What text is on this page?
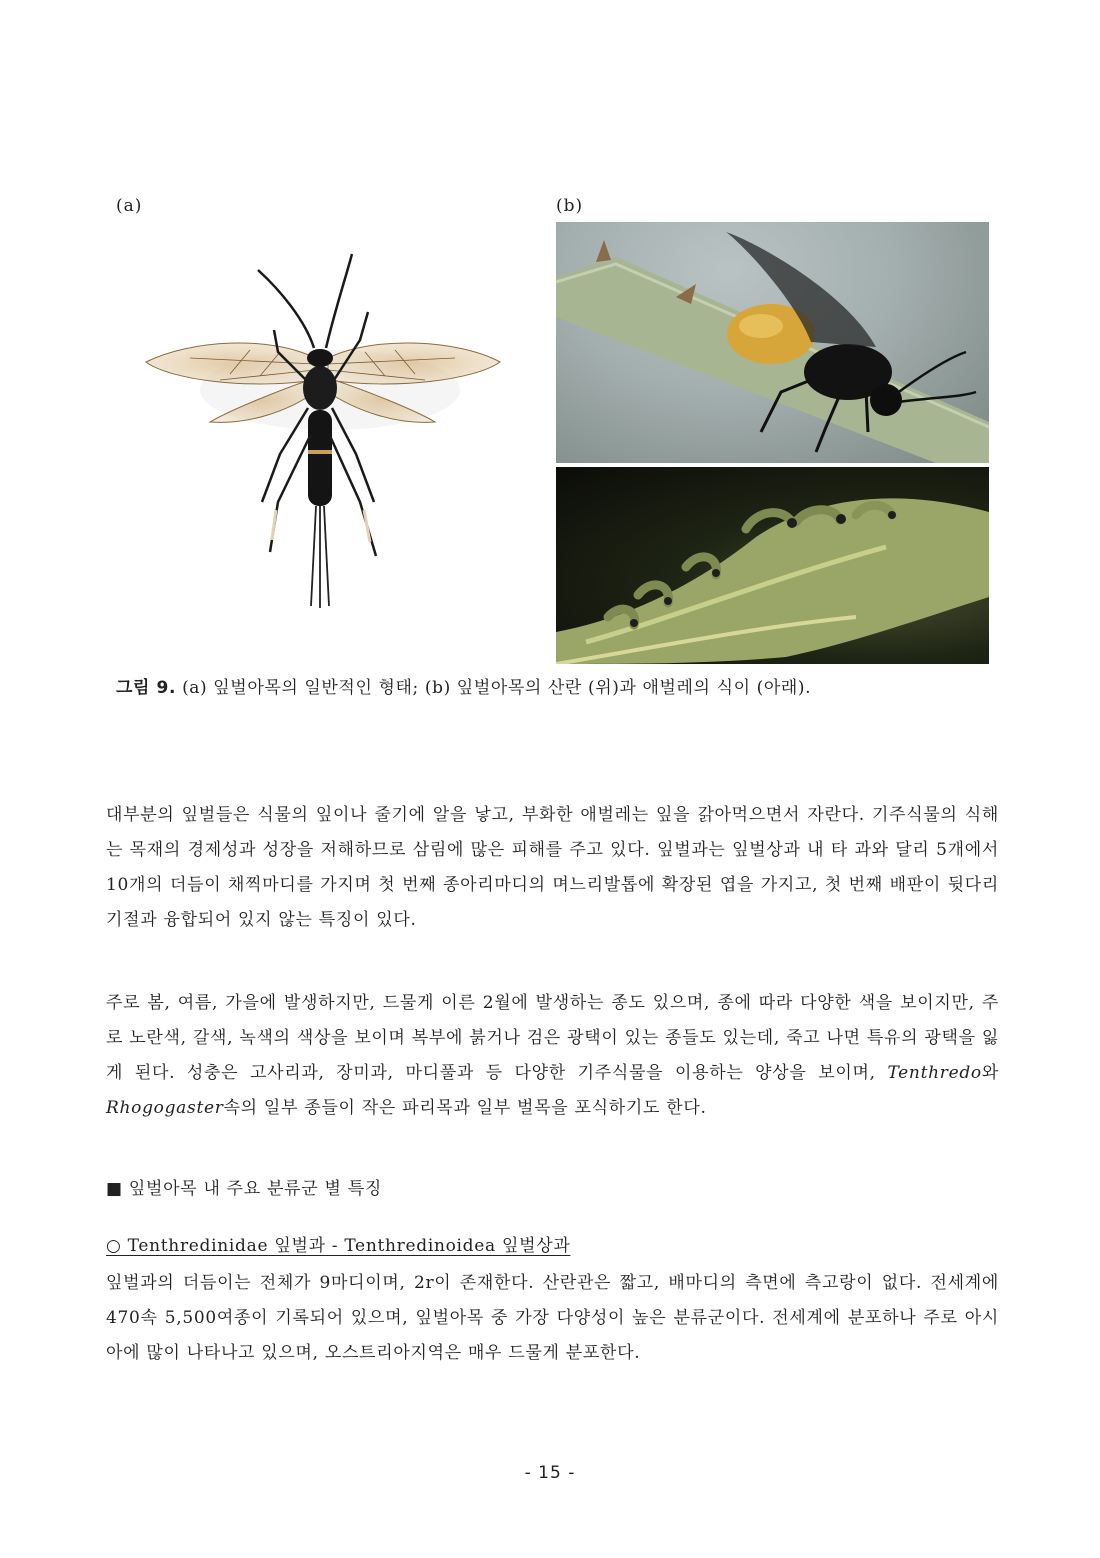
(a)	(b)
그림 9. (a) 잎벌아목의 일반적인 형태; (b) 잎벌아목의 산란 (위)과 애벌레의 식이 (아래).

대부분의 잎벌들은 식물의 잎이나 줄기에 알을 낳고, 부화한 애벌레는 잎을 갉아먹으면서 자란다. 기주식물의 식해는 목재의 경제성과 성장을 저해하므로 삼림에 많은 피해를 주고 있다. 잎벌과는 잎벌상과 내 타 과와 달리 5개에서 10개의 더듬이 채찍마디를 가지며 첫 번째 종아리마디의 며느리발톱에 확장된 엽을 가지고, 첫 번째 배판이 뒷다리기절과 융합되어 있지 않는 특징이 있다.

주로 봄, 여름, 가을에 발생하지만, 드물게 이른 2월에 발생하는 종도 있으며, 종에 따라 다양한 색을 보이지만, 주로 노란색, 갈색, 녹색의 색상을 보이며 복부에 붉거나 검은 광택이 있는 종들도 있는데, 죽고 나면 특유의 광택을 잃게 된다. 성충은 고사리과, 장미과, 마디풀과 등 다양한 기주식물을 이용하는 양상을 보이며, Tenthredo와 Rhogogaster속의 일부 종들이 작은 파리목과 일부 벌목을 포식하기도 한다.

■ 잎벌아목 내 주요 분류군 별 특징

○ Tenthredinidae 잎벌과 - Tenthredinoidea 잎벌상과

잎벌과의 더듬이는 전체가 9마디이며, 2r이 존재한다. 산란관은 짧고, 배마디의 측면에 측고랑이 없다. 전세계에 470속 5,500여종이 기록되어 있으며, 잎벌아목 중 가장 다양성이 높은 분류군이다. 전세계에 분포하나 주로 아시아에 많이 나타나고 있으며, 오스트리아지역은 매우 드물게 분포한다.

- 15 -
